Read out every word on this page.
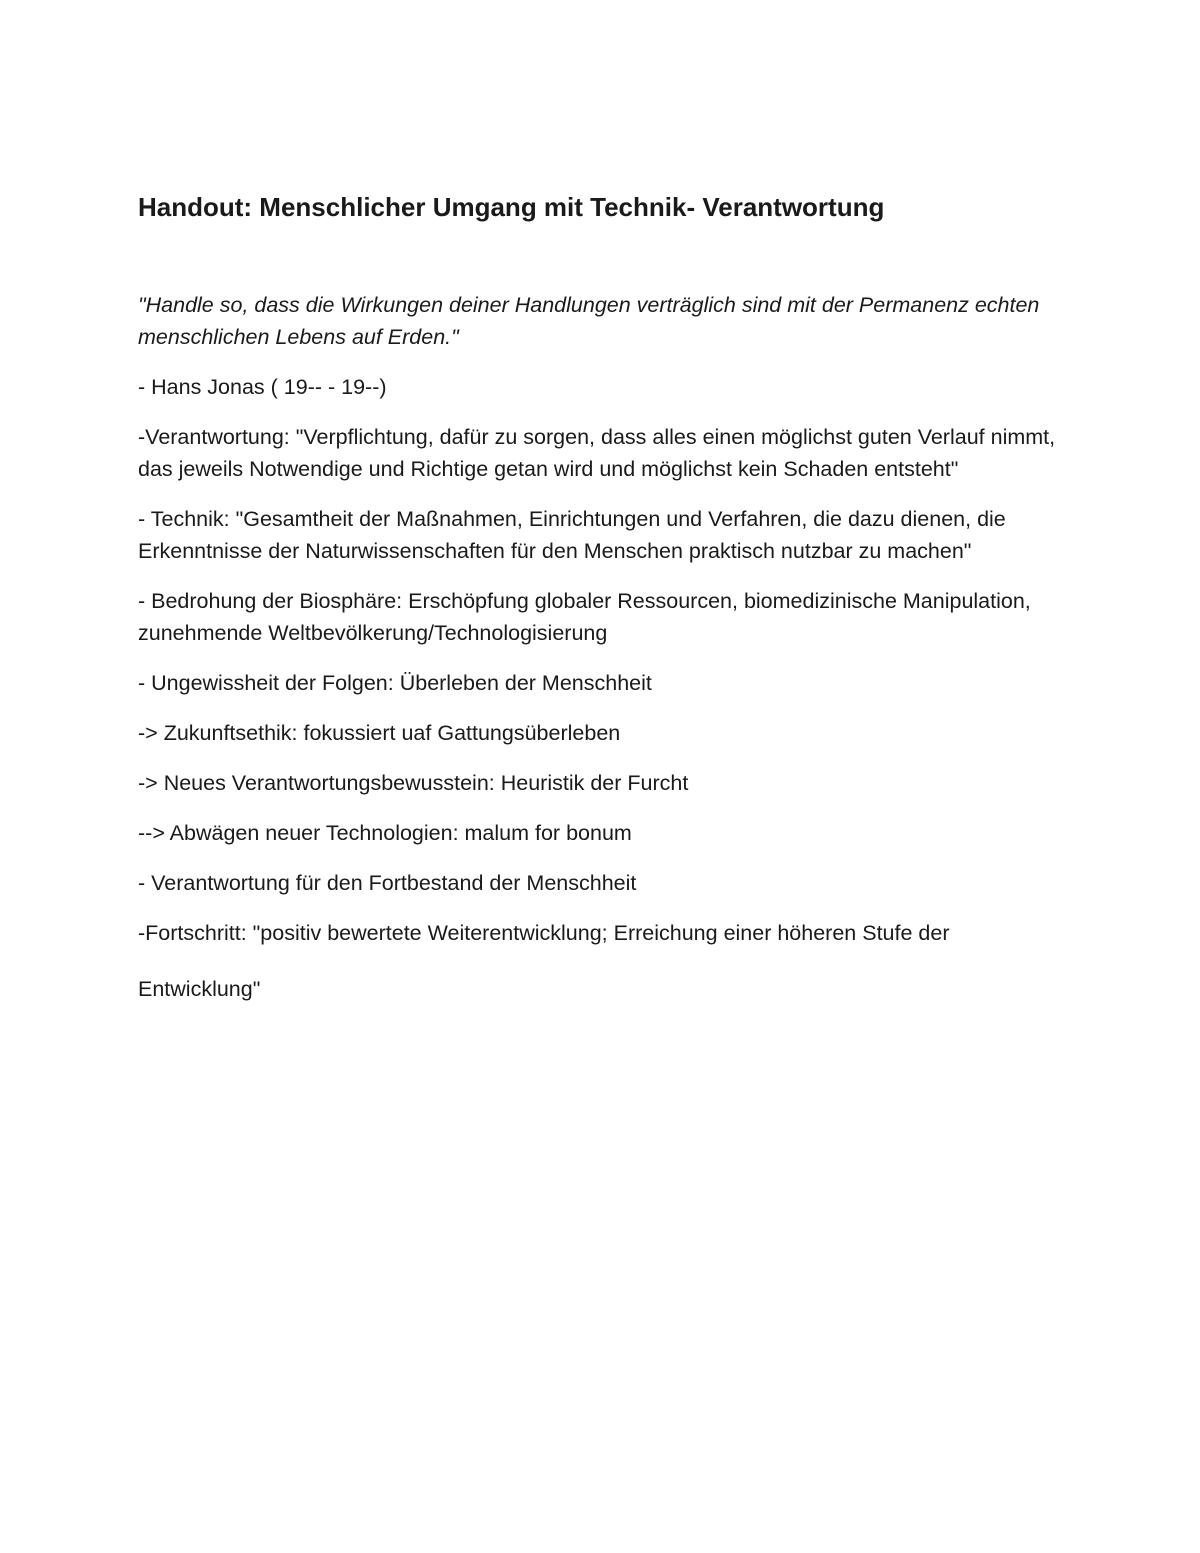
Handout: Menschlicher Umgang mit Technik- Verantwortung

"Handle so, dass die Wirkungen deiner Handlungen verträglich sind mit der Permanenz echten menschlichen Lebens auf Erden."

- Hans Jonas ( 19-- - 19--)

-Verantwortung: "Verpflichtung, dafür zu sorgen, dass alles einen möglichst guten Verlauf nimmt, das jeweils Notwendige und Richtige getan wird und möglichst kein Schaden entsteht"

- Technik: "Gesamtheit der Maßnahmen, Einrichtungen und Verfahren, die dazu dienen, die Erkenntnisse der Naturwissenschaften für den Menschen praktisch nutzbar zu machen"

- Bedrohung der Biosphäre: Erschöpfung globaler Ressourcen, biomedizinische Manipulation, zunehmende Weltbevölkerung/Technologisierung

- Ungewissheit der Folgen: Überleben der Menschheit

-> Zukunftsethik: fokussiert uaf Gattungsüberleben

-> Neues Verantwortungsbewusstein: Heuristik der Furcht

--> Abwägen neuer Technologien: malum for bonum

- Verantwortung für den Fortbestand der Menschheit

-Fortschritt: "positiv bewertete Weiterentwicklung; Erreichung einer höheren Stufe der

Entwicklung"
